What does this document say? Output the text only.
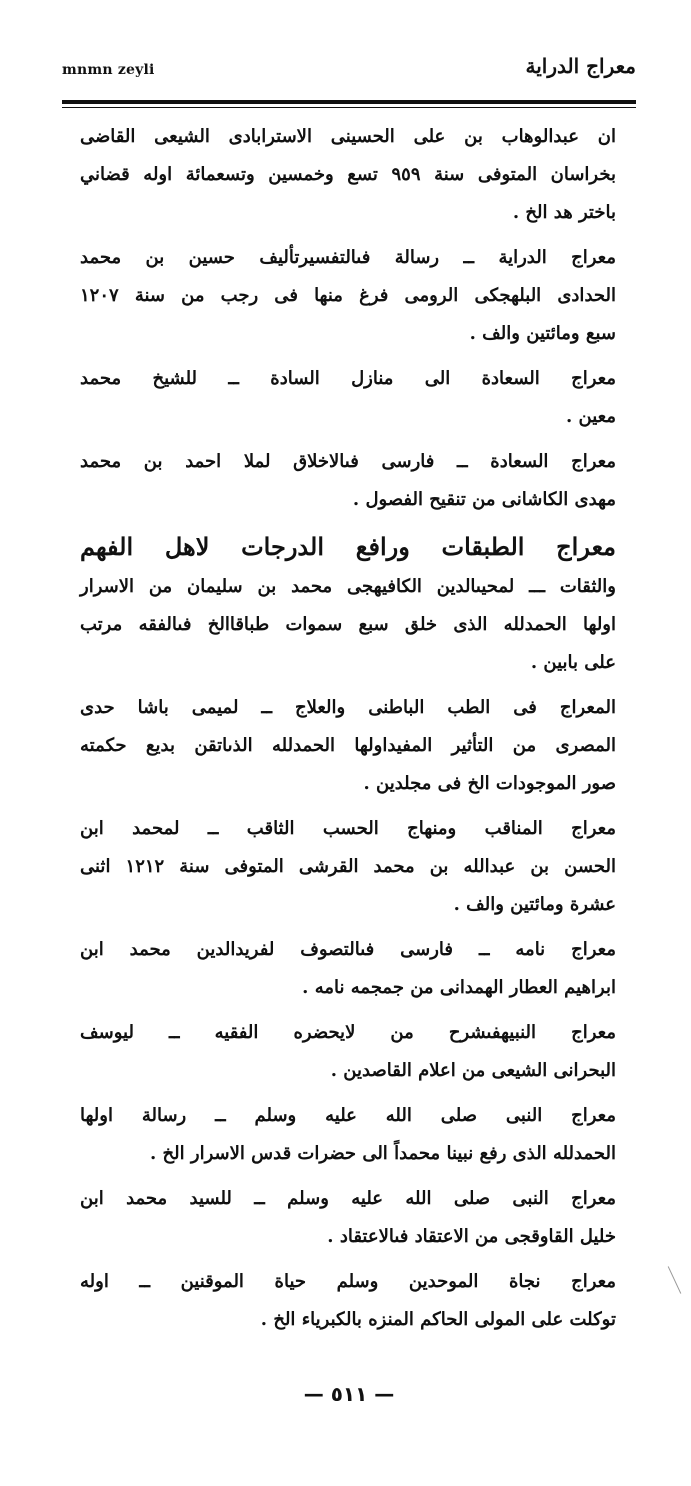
mnmn zeyli	معراج الدراية
ان عبدالوهاب بن على الحسينى الاسترابادى الشيعى القاضى
بخراسان المتوفى سنة ٩٥٩ تسع وخمسين وتسعمائة اوله قضاني
باختر هد الخ .
معراج الدراية ــ رسالة فىالتفسيرتأليف حسين بن محمد
الحدادى البلهجكى الرومى فرغ منها فى رجب من سنة ١٢٠٧
سبع ومائتين والف .
معراج السعادة الى منازل السادة ــ للشيخ محمد
معين .
معراج السعادة ــ فارسى فىالاخلاق لملا احمد بن محمد
مهدى الكاشانى من تنقيح الفصول .
معراج الطبقات ورافع الدرجات لاهل الفهم
والثقات ـــ لمحيىالدين الكافيهجى محمد بن سليمان من الاسرار
اولها الحمدلله الذى خلق سبع سموات طباقاالخ فىالفقه مرتب
على بابين .
المعراج فى الطب الباطنى والعلاج ــ لميمى باشا حدى
المصرى من التأثير المفيداولها الحمدلله الذىاتقن بديع حكمته
صور الموجودات الخ فى مجلدين .
معراج المناقب ومنهاج الحسب الثاقب ــ لمحمد ابن
الحسن بن عبدالله بن محمد القرشى المتوفى سنة ١٢١٢ اثنى
عشرة ومائتين والف .
معراج نامه ــ فارسى فىالتصوف لفريدالدين محمد ابن
ابراهيم العطار الهمدانى من جمجمه نامه .
معراج النبيهفىشرح من لايحضره الفقيه ــ ليوسف
البحرانى الشيعى من اعلام القاصدين .
معراج النبى صلى الله عليه وسلم ــ رسالة اولها
الحمدلله الذى رفع نبينا محمداً الى حضرات قدس الاسرار الخ .
معراج النبى صلى الله عليه وسلم ــ للسيد محمد ابن
خليل القاوقجى من الاعتقاد فىالاعتقاد .
معراج نجاة الموحدين وسلم حياة الموقنين ــ اوله
توكلت على المولى الحاكم المنزه بالكبرياء الخ .
— ٥١١ —
